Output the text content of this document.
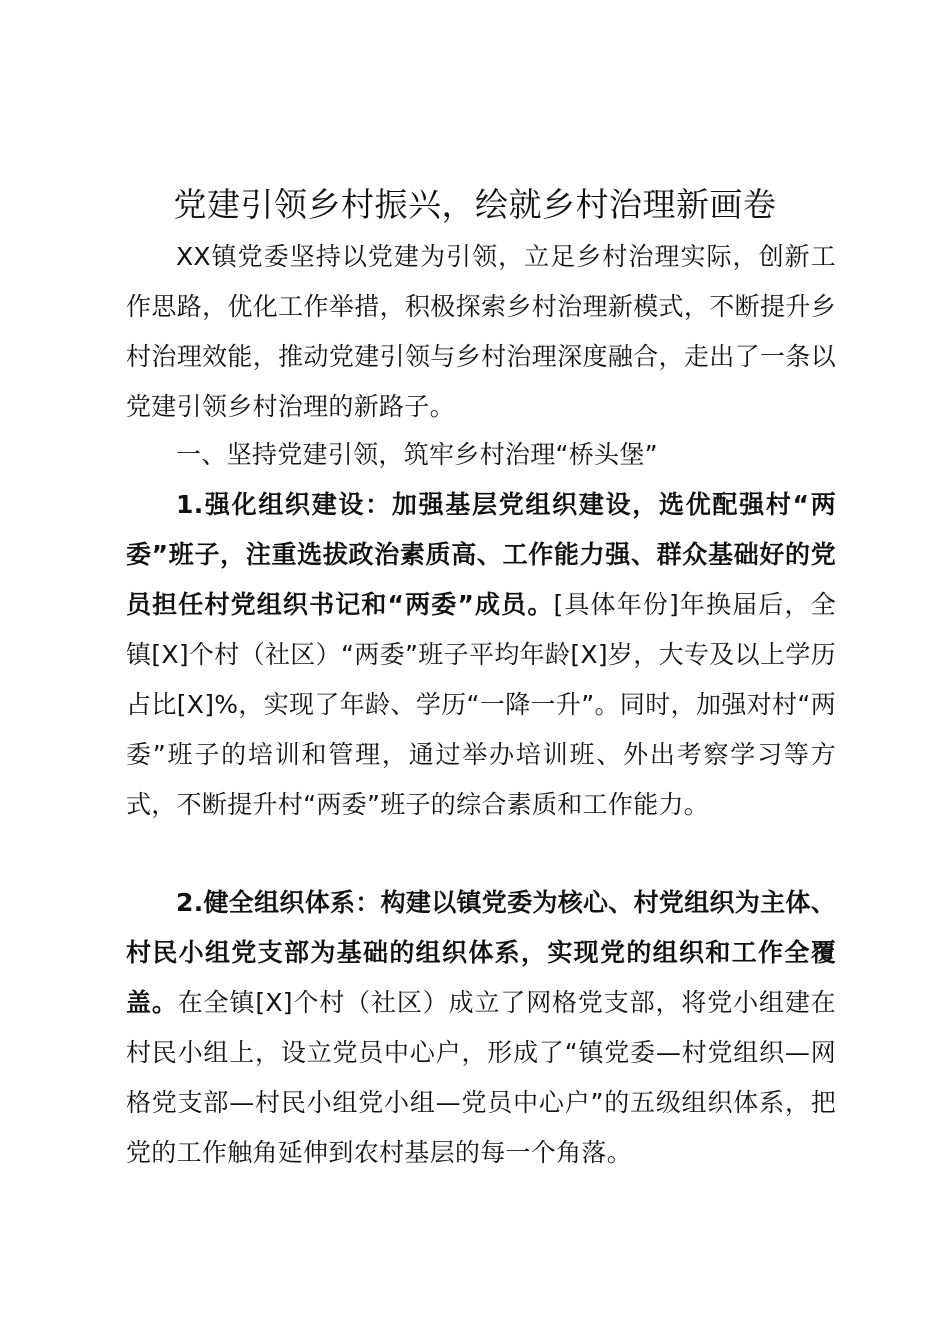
党建引领乡村振兴，绘就乡村治理新画卷

XX镇党委坚持以党建为引领，立足乡村治理实际，创新工作思路，优化工作举措，积极探索乡村治理新模式，不断提升乡村治理效能，推动党建引领与乡村治理深度融合，走出了一条以党建引领乡村治理的新路子。

一、坚持党建引领，筑牢乡村治理“桥头堡”

1.强化组织建设：加强基层党组织建设，选优配强村“两委”班子，注重选拔政治素质高、工作能力强、群众基础好的党员担任村党组织书记和“两委”成员。[具体年份]年换届后，全镇[X]个村（社区）“两委”班子平均年龄[X]岁，大专及以上学历占比[X]%，实现了年龄、学历“一降一升”。同时，加强对村“两委”班子的培训和管理，通过举办培训班、外出考察学习等方式，不断提升村“两委”班子的综合素质和工作能力。

2.健全组织体系：构建以镇党委为核心、村党组织为主体、村民小组党支部为基础的组织体系，实现党的组织和工作全覆盖。在全镇[X]个村（社区）成立了网格党支部，将党小组建在村民小组上，设立党员中心户，形成了“镇党委—村党组织—网格党支部—村民小组党小组—党员中心户”的五级组织体系，把党的工作触角延伸到农村基层的每一个角落。
